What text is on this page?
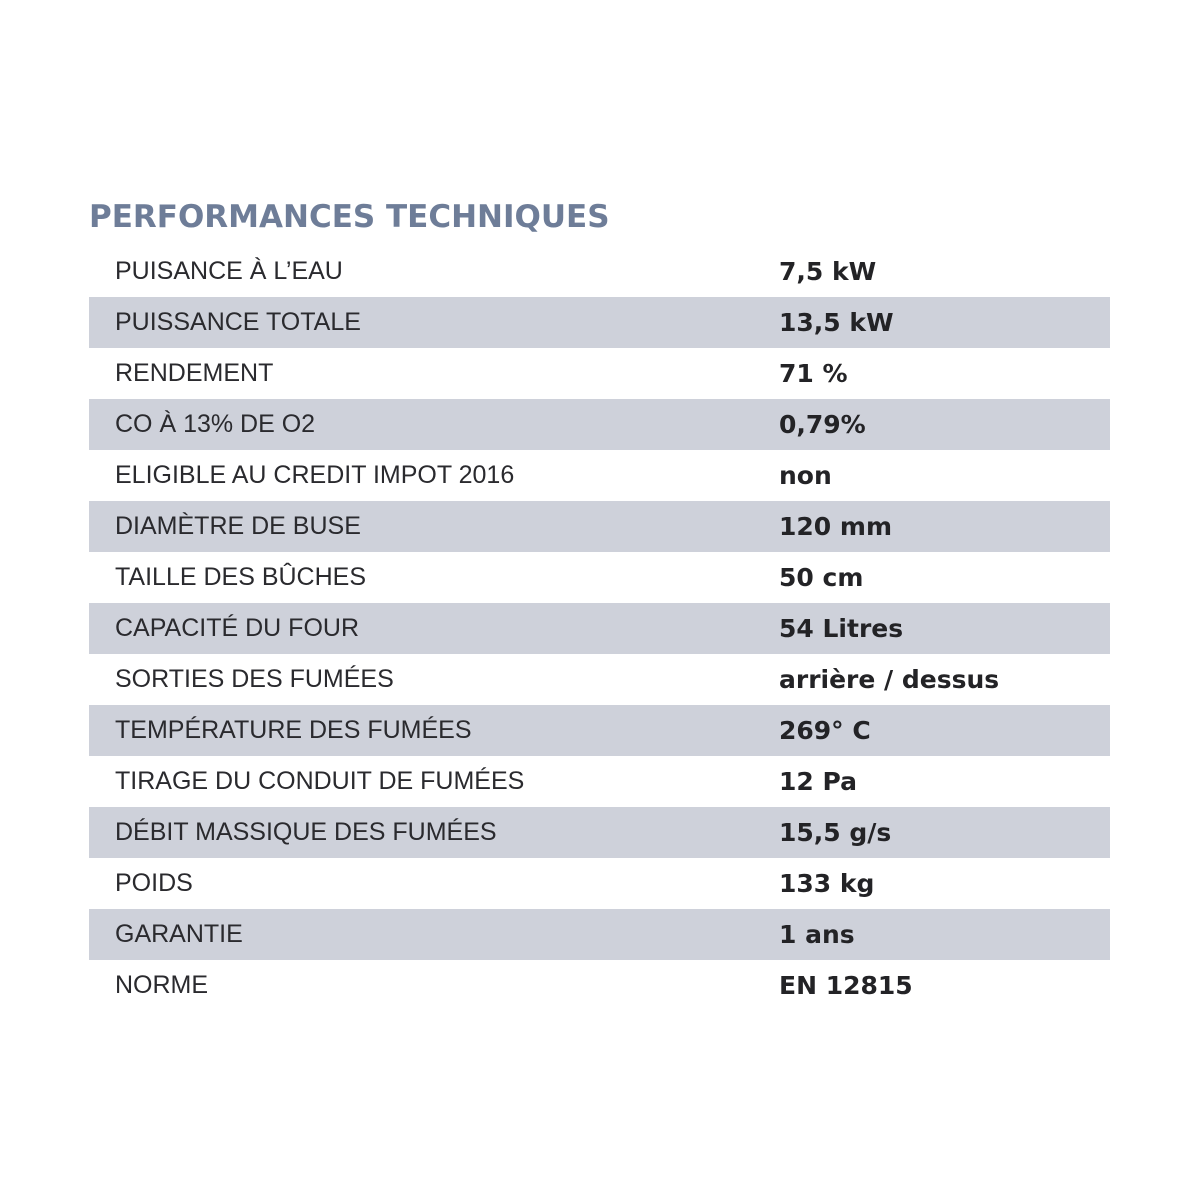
PERFORMANCES TECHNIQUES
PUISANCE À L’EAU	7,5 kW
PUISSANCE TOTALE	13,5 kW
RENDEMENT	71 %
CO À 13% DE O2	0,79%
ELIGIBLE AU CREDIT IMPOT 2016	non
DIAMÈTRE DE BUSE	120 mm
TAILLE DES BÛCHES	50 cm
CAPACITÉ DU FOUR	54 Litres
SORTIES DES FUMÉES	arrière / dessus
TEMPÉRATURE DES FUMÉES	269° C
TIRAGE DU CONDUIT DE FUMÉES	12 Pa
DÉBIT MASSIQUE DES FUMÉES	15,5 g/s
POIDS	133 kg
GARANTIE	1 ans
NORME	EN 12815
